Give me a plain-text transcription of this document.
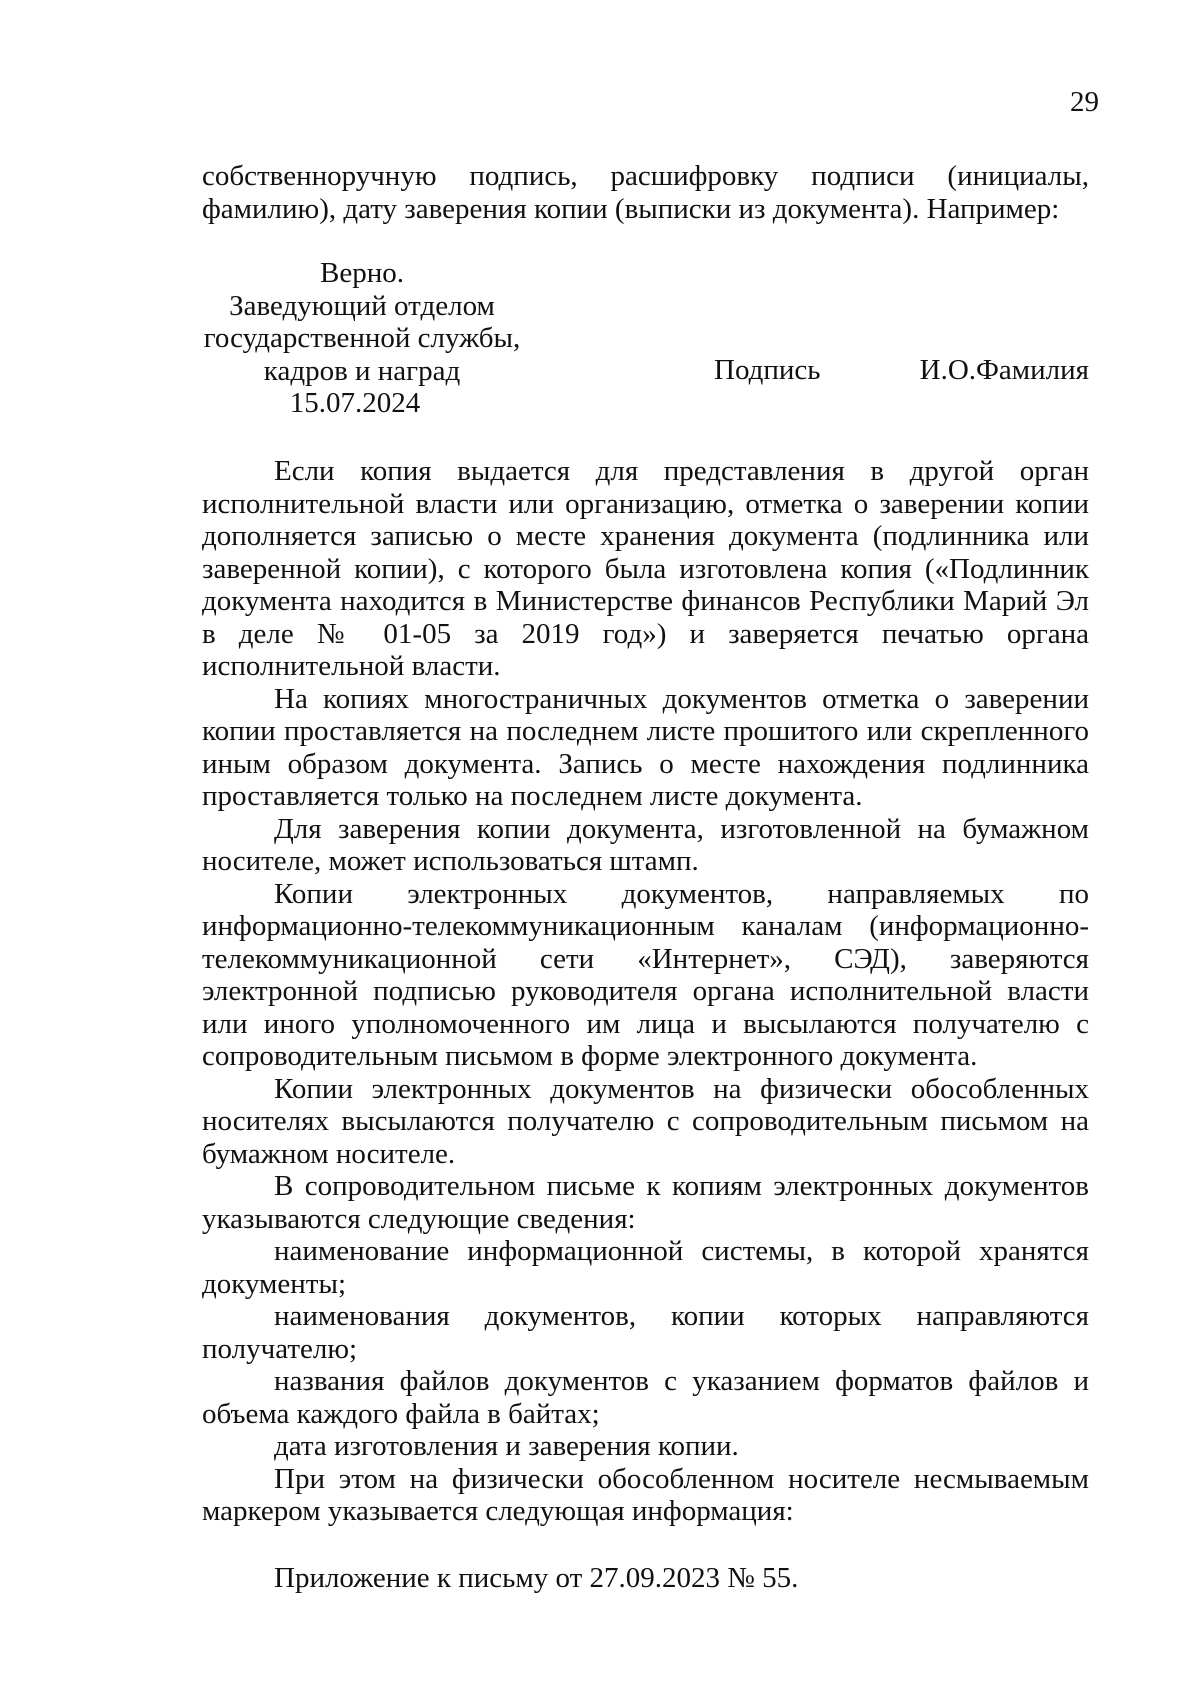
29

собственноручную подпись, расшифровку подписи (инициалы, фамилию), дату заверения копии (выписки из документа). Например:

Верно.
Заведующий отделом
государственной службы,
кадров и наград
15.07.2024
Подпись	И.О.Фамилия

Если копия выдается для представления в другой орган исполнительной власти или организацию, отметка о заверении копии дополняется записью о месте хранения документа (подлинника или заверенной копии), с которого была изготовлена копия («Подлинник документа находится в Министерстве финансов Республики Марий Эл в деле № 01-05 за 2019 год») и заверяется печатью органа исполнительной власти.

На копиях многостраничных документов отметка о заверении копии проставляется на последнем листе прошитого или скрепленного иным образом документа. Запись о месте нахождения подлинника проставляется только на последнем листе документа.

Для заверения копии документа, изготовленной на бумажном носителе, может использоваться штамп.

Копии электронных документов, направляемых по информационно-телекоммуникационным каналам (информационно-телекоммуникационной сети «Интернет», СЭД), заверяются электронной подписью руководителя органа исполнительной власти или иного уполномоченного им лица и высылаются получателю с сопроводительным письмом в форме электронного документа.

Копии электронных документов на физически обособленных носителях высылаются получателю с сопроводительным письмом на бумажном носителе.

В сопроводительном письме к копиям электронных документов указываются следующие сведения:

наименование информационной системы, в которой хранятся документы;

наименования документов, копии которых направляются получателю;

названия файлов документов с указанием форматов файлов и объема каждого файла в байтах;

дата изготовления и заверения копии.

При этом на физически обособленном носителе несмываемым маркером указывается следующая информация:

Приложение к письму от 27.09.2023 № 55.
